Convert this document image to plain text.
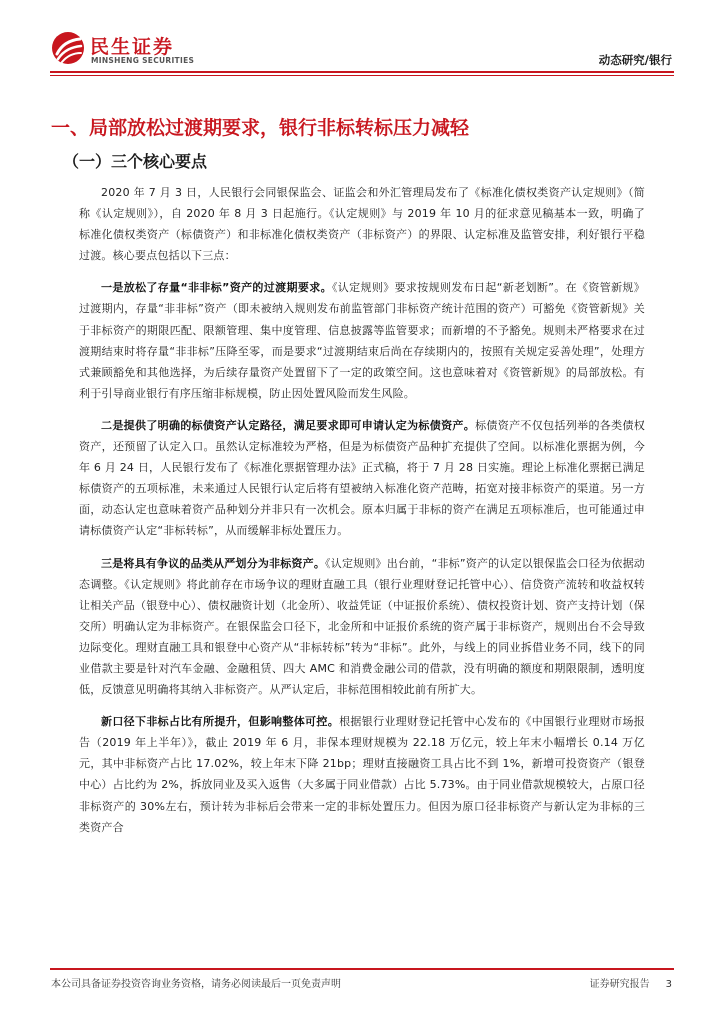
民生证券
MINSHENG SECURITIES	动态研究/银行
一、局部放松过渡期要求，银行非标转标压力减轻
（一）三个核心要点

2020 年 7 月 3 日，人民银行会同银保监会、证监会和外汇管理局发布了《标准化债权类资产认定规则》（简称《认定规则》），自 2020 年 8 月 3 日起施行。《认定规则》与 2019 年 10 月的征求意见稿基本一致，明确了标准化债权类资产（标债资产）和非标准化债权类资产（非标资产）的界限、认定标准及监管安排，利好银行平稳过渡。核心要点包括以下三点：

一是放松了存量“非非标”资产的过渡期要求。《认定规则》要求按规则发布日起“新老划断”。在《资管新规》过渡期内，存量“非非标”资产（即未被纳入规则发布前监管部门非标资产统计范围的资产）可豁免《资管新规》关于非标资产的期限匹配、限额管理、集中度管理、信息披露等监管要求；而新增的不予豁免。规则未严格要求在过渡期结束时将存量“非非标”压降至零，而是要求“过渡期结束后尚在存续期内的，按照有关规定妥善处理”，处理方式兼顾豁免和其他选择，为后续存量资产处置留下了一定的政策空间。这也意味着对《资管新规》的局部放松。有利于引导商业银行有序压缩非标规模，防止因处置风险而发生风险。

二是提供了明确的标债资产认定路径，满足要求即可申请认定为标债资产。标债资产不仅包括列举的各类债权资产，还预留了认定入口。虽然认定标准较为严格，但是为标债资产品种扩充提供了空间。以标准化票据为例，今年 6 月 24 日，人民银行发布了《标准化票据管理办法》正式稿，将于 7 月 28 日实施。理论上标准化票据已满足标债资产的五项标准，未来通过人民银行认定后将有望被纳入标准化资产范畴，拓宽对接非标资产的渠道。另一方面，动态认定也意味着资产品种划分并非只有一次机会。原本归属于非标的资产在满足五项标准后，也可能通过申请标债资产认定“非标转标”，从而缓解非标处置压力。

三是将具有争议的品类从严划分为非标资产。《认定规则》出台前，“非标”资产的认定以银保监会口径为依据动态调整。《认定规则》将此前存在市场争议的理财直融工具（银行业理财登记托管中心）、信贷资产流转和收益权转让相关产品（银登中心）、债权融资计划（北金所）、收益凭证（中证报价系统）、债权投资计划、资产支持计划（保交所）明确认定为非标资产。在银保监会口径下，北金所和中证报价系统的资产属于非标资产，规则出台不会导致边际变化。理财直融工具和银登中心资产从“非标转标”转为“非标”。此外，与线上的同业拆借业务不同，线下的同业借款主要是针对汽车金融、金融租赁、四大 AMC 和消费金融公司的借款，没有明确的额度和期限限制，透明度低，反馈意见明确将其纳入非标资产。从严认定后，非标范围相较此前有所扩大。

新口径下非标占比有所提升，但影响整体可控。根据银行业理财登记托管中心发布的《中国银行业理财市场报告（2019 年上半年）》，截止 2019 年 6 月，非保本理财规模为 22.18 万亿元，较上年末小幅增长 0.14 万亿元，其中非标资产占比 17.02%，较上年末下降 21bp；理财直接融资工具占比不到 1%，新增可投资资产（银登中心）占比约为 2%，拆放同业及买入返售（大多属于同业借款）占比 5.73%。由于同业借款规模较大，占原口径非标资产的 30%左右，预计转为非标后会带来一定的非标处置压力。但因为原口径非标资产与新认定为非标的三类资产合

本公司具备证券投资咨询业务资格，请务必阅读最后一页免责声明	证券研究报告 3
